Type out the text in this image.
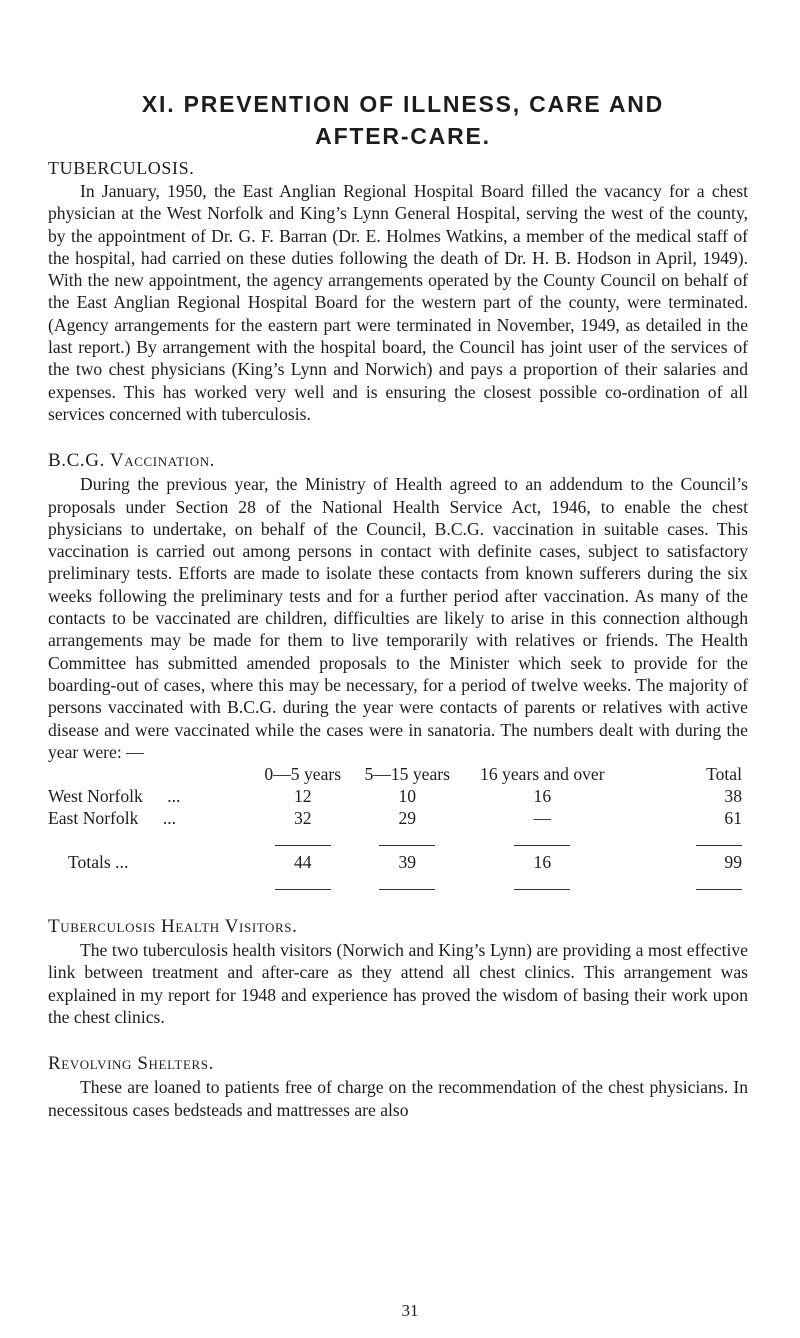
XI. PREVENTION OF ILLNESS, CARE AND
AFTER-CARE.
TUBERCULOSIS.

In January, 1950, the East Anglian Regional Hospital Board filled the vacancy for a chest physician at the West Norfolk and King’s Lynn General Hospital, serving the west of the county, by the appointment of Dr. G. F. Barran (Dr. E. Holmes Watkins, a member of the medical staff of the hospital, had carried on these duties following the death of Dr. H. B. Hodson in April, 1949). With the new appointment, the agency arrangements operated by the County Council on behalf of the East Anglian Regional Hospital Board for the western part of the county, were terminated. (Agency arrangements for the eastern part were terminated in November, 1949, as detailed in the last report.) By arrangement with the hospital board, the Council has joint user of the services of the two chest physicians (King’s Lynn and Norwich) and pays a proportion of their salaries and expenses. This has worked very well and is ensuring the closest possible co-ordination of all services concerned with tuberculosis.

B.C.G. Vaccination.

During the previous year, the Ministry of Health agreed to an addendum to the Council’s proposals under Section 28 of the National Health Service Act, 1946, to enable the chest physicians to undertake, on behalf of the Council, B.C.G. vaccination in suitable cases. This vaccination is carried out among persons in contact with definite cases, subject to satisfactory preliminary tests. Efforts are made to isolate these contacts from known sufferers during the six weeks following the preliminary tests and for a further period after vaccination. As many of the contacts to be vaccinated are children, difficulties are likely to arise in this connection although arrangements may be made for them to live temporarily with relatives or friends. The Health Committee has submitted amended proposals to the Minister which seek to provide for the boarding-out of cases, where this may be necessary, for a period of twelve weeks. The majority of persons vaccinated with B.C.G. during the year were contacts of parents or relatives with active disease and were vaccinated while the cases were in sanatoria. The numbers dealt with during the year were: —

	0—5 years	5—15 years	16 years and over	Total
West Norfolk ...	12	10	16	38
East Norfolk ...	32	29	—	61

Totals ...	44	39	16	99

Tuberculosis Health Visitors.

The two tuberculosis health visitors (Norwich and King’s Lynn) are providing a most effective link between treatment and after-care as they attend all chest clinics. This arrangement was explained in my report for 1948 and experience has proved the wisdom of basing their work upon the chest clinics.

Revolving Shelters.

These are loaned to patients free of charge on the recommendation of the chest physicians. In necessitous cases bedsteads and mattresses are also

31
